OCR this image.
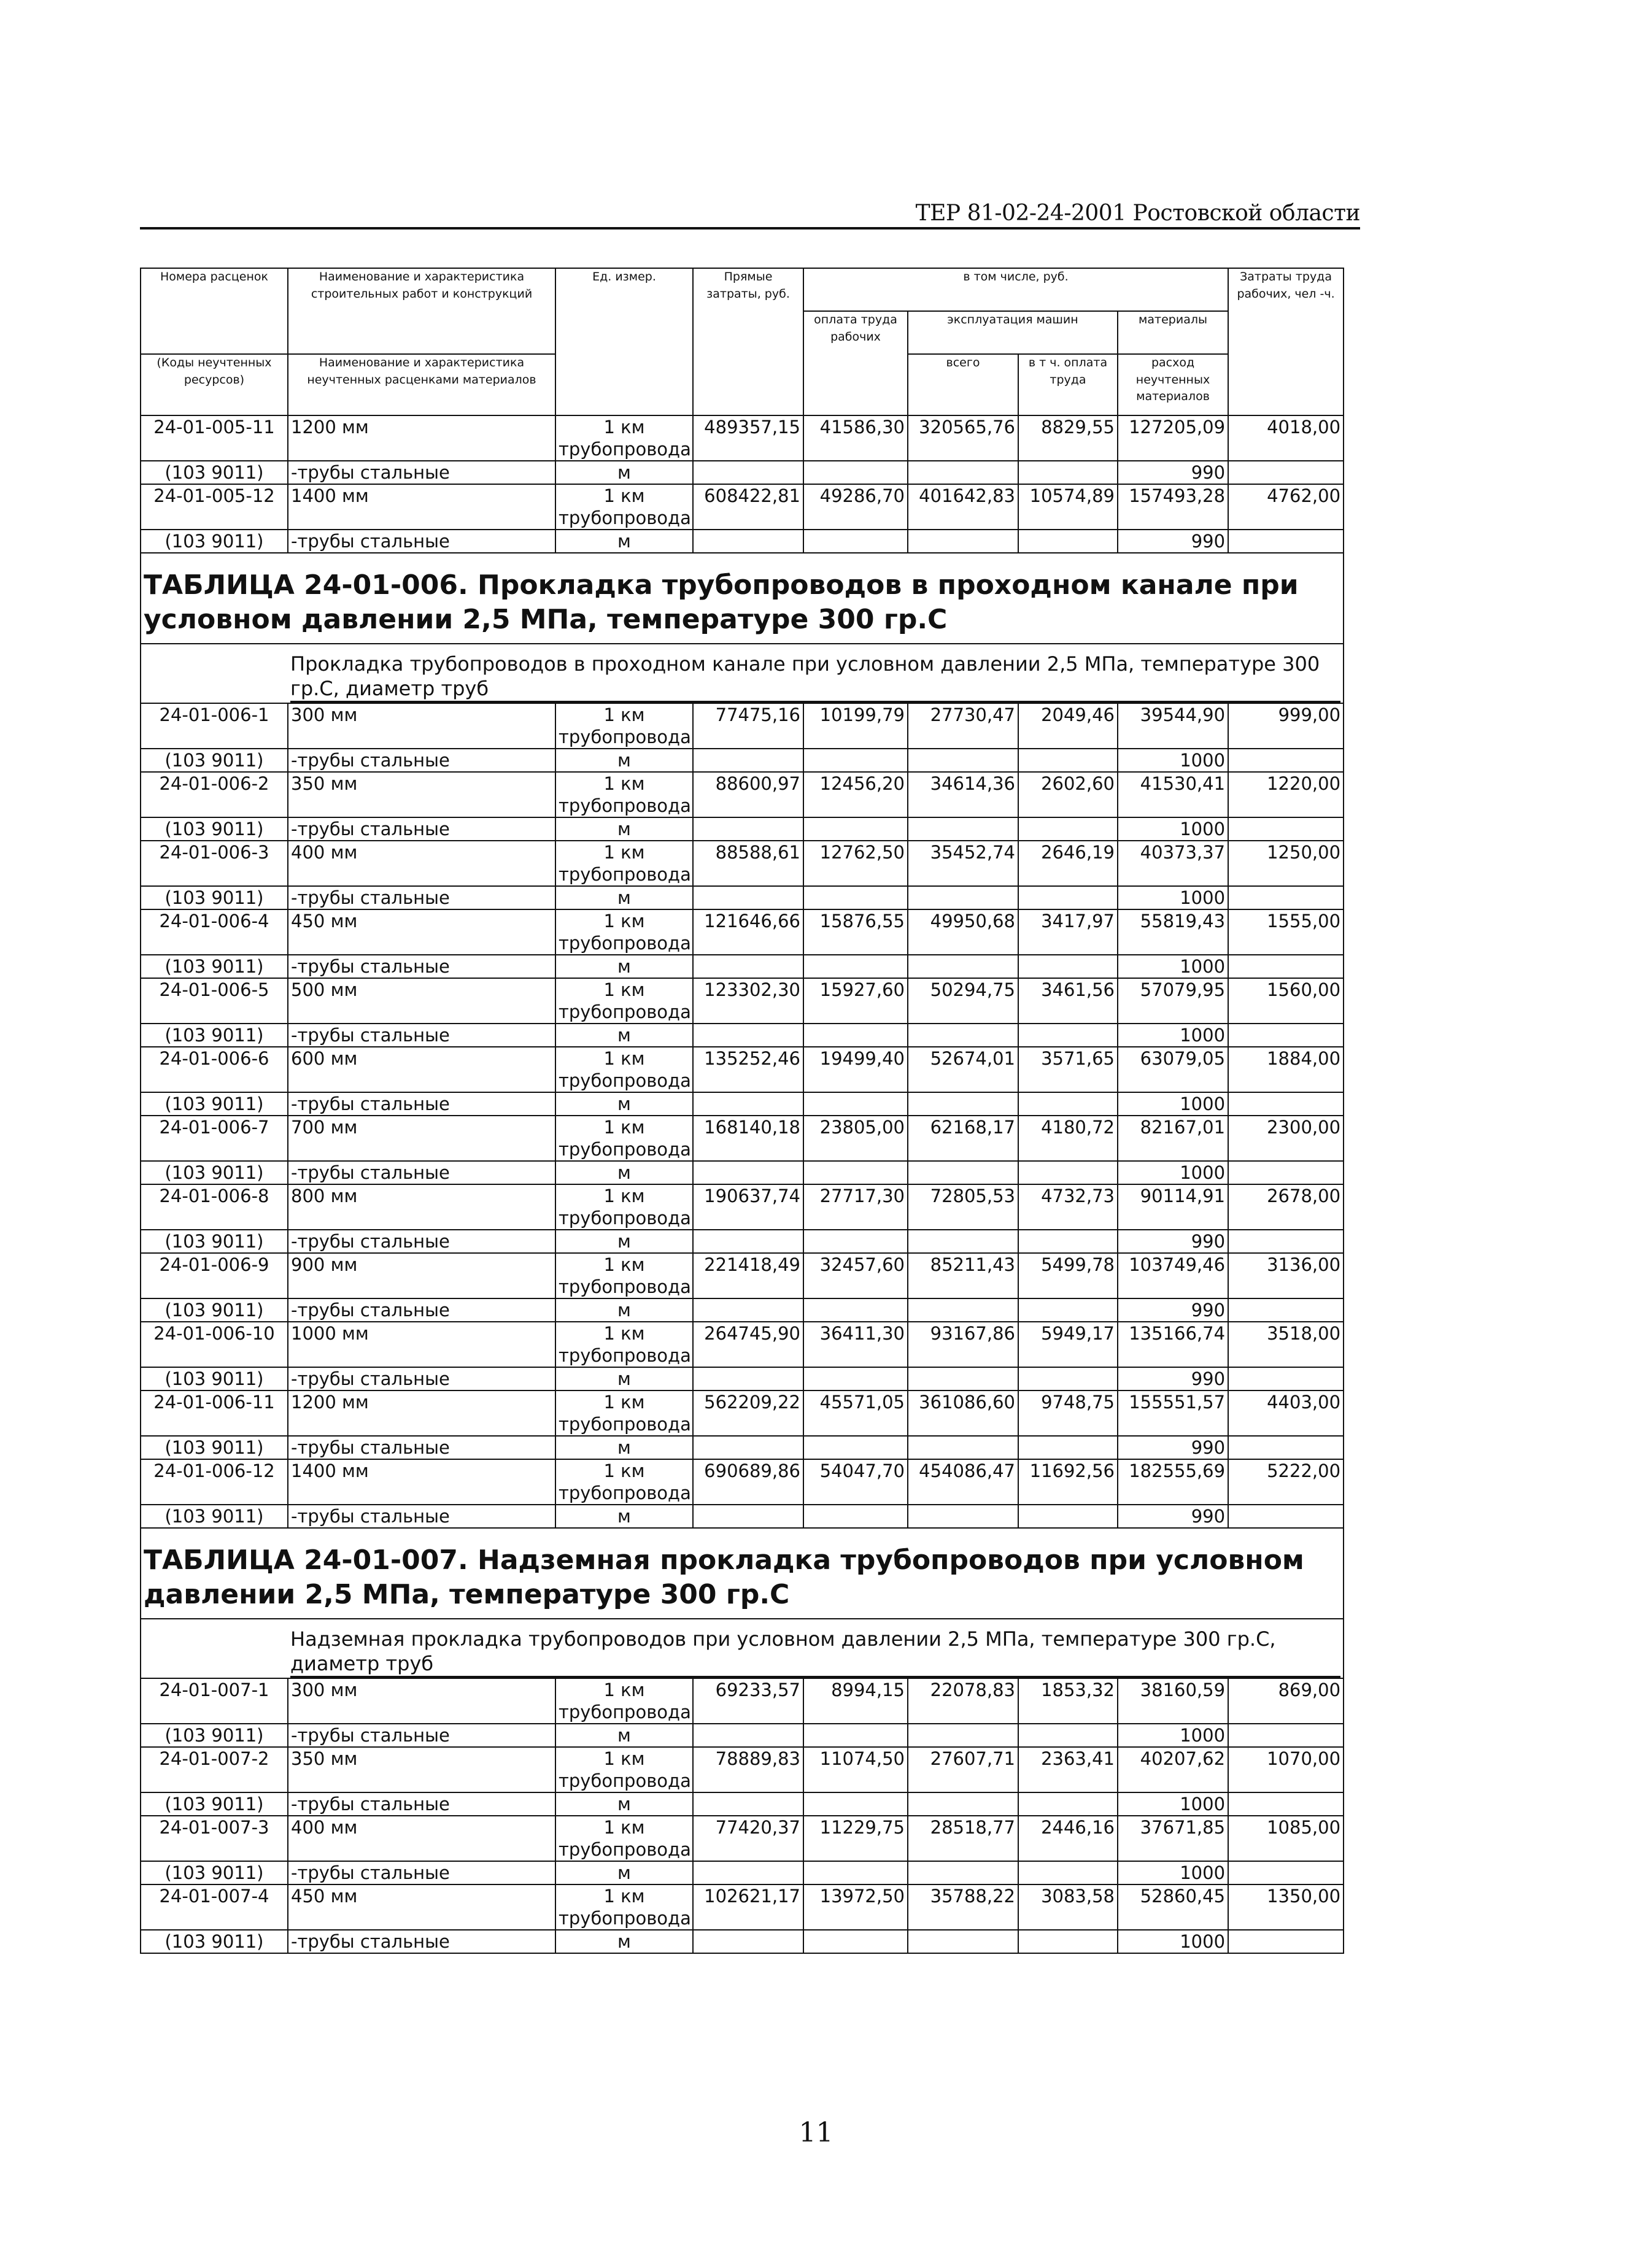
ТЕР 81-02-24-2001 Ростовской области
Номера расценок	Наименование и характеристика строительных работ и конструкций	Ед. измер.	Прямые затраты, руб.	в том числе, руб.				Затраты труда рабочих, чел -ч.
				оплата труда рабочих	эксплуатация машин		материалы	
(Коды неучтенных ресурсов)	Наименование и характеристика неучтенных расценками материалов				всего	в т ч. оплата труда	расход неучтенных материалов	

24-01-005-11	1200 мм	1 км трубопровода	489357,15	41586,30	320565,76	8829,55	127205,09	4018,00
(103 9011)	-трубы стальные	м					990	
24-01-005-12	1400 мм	1 км трубопровода	608422,81	49286,70	401642,83	10574,89	157493,28	4762,00
(103 9011)	-трубы стальные	м					990	

ТАБЛИЦА 24-01-006. Прокладка трубопроводов в проходном канале при условном давлении 2,5 МПа, температуре 300 гр.С								

	Прокладка трубопроводов в проходном канале при условном давлении 2,5 МПа, температуре 300 гр.С, диаметр труб							

24-01-006-1	300 мм	1 км трубопровода	77475,16	10199,79	27730,47	2049,46	39544,90	999,00
(103 9011)	-трубы стальные	м					1000	
24-01-006-2	350 мм	1 км трубопровода	88600,97	12456,20	34614,36	2602,60	41530,41	1220,00
(103 9011)	-трубы стальные	м					1000	
24-01-006-3	400 мм	1 км трубопровода	88588,61	12762,50	35452,74	2646,19	40373,37	1250,00
(103 9011)	-трубы стальные	м					1000	
24-01-006-4	450 мм	1 км трубопровода	121646,66	15876,55	49950,68	3417,97	55819,43	1555,00
(103 9011)	-трубы стальные	м					1000	
24-01-006-5	500 мм	1 км трубопровода	123302,30	15927,60	50294,75	3461,56	57079,95	1560,00
(103 9011)	-трубы стальные	м					1000	
24-01-006-6	600 мм	1 км трубопровода	135252,46	19499,40	52674,01	3571,65	63079,05	1884,00
(103 9011)	-трубы стальные	м					1000	
24-01-006-7	700 мм	1 км трубопровода	168140,18	23805,00	62168,17	4180,72	82167,01	2300,00
(103 9011)	-трубы стальные	м					1000	
24-01-006-8	800 мм	1 км трубопровода	190637,74	27717,30	72805,53	4732,73	90114,91	2678,00
(103 9011)	-трубы стальные	м					990	
24-01-006-9	900 мм	1 км трубопровода	221418,49	32457,60	85211,43	5499,78	103749,46	3136,00
(103 9011)	-трубы стальные	м					990	
24-01-006-10	1000 мм	1 км трубопровода	264745,90	36411,30	93167,86	5949,17	135166,74	3518,00
(103 9011)	-трубы стальные	м					990	
24-01-006-11	1200 мм	1 км трубопровода	562209,22	45571,05	361086,60	9748,75	155551,57	4403,00
(103 9011)	-трубы стальные	м					990	
24-01-006-12	1400 мм	1 км трубопровода	690689,86	54047,70	454086,47	11692,56	182555,69	5222,00
(103 9011)	-трубы стальные	м					990	

ТАБЛИЦА 24-01-007. Надземная прокладка трубопроводов при условном давлении 2,5 МПа, температуре 300 гр.С								

	Надземная прокладка трубопроводов при условном давлении 2,5 МПа, температуре 300 гр.С, диаметр труб							

24-01-007-1	300 мм	1 км трубопровода	69233,57	8994,15	22078,83	1853,32	38160,59	869,00
(103 9011)	-трубы стальные	м					1000	
24-01-007-2	350 мм	1 км трубопровода	78889,83	11074,50	27607,71	2363,41	40207,62	1070,00
(103 9011)	-трубы стальные	м					1000	
24-01-007-3	400 мм	1 км трубопровода	77420,37	11229,75	28518,77	2446,16	37671,85	1085,00
(103 9011)	-трубы стальные	м					1000	
24-01-007-4	450 мм	1 км трубопровода	102621,17	13972,50	35788,22	3083,58	52860,45	1350,00
(103 9011)	-трубы стальные	м					1000	
11
